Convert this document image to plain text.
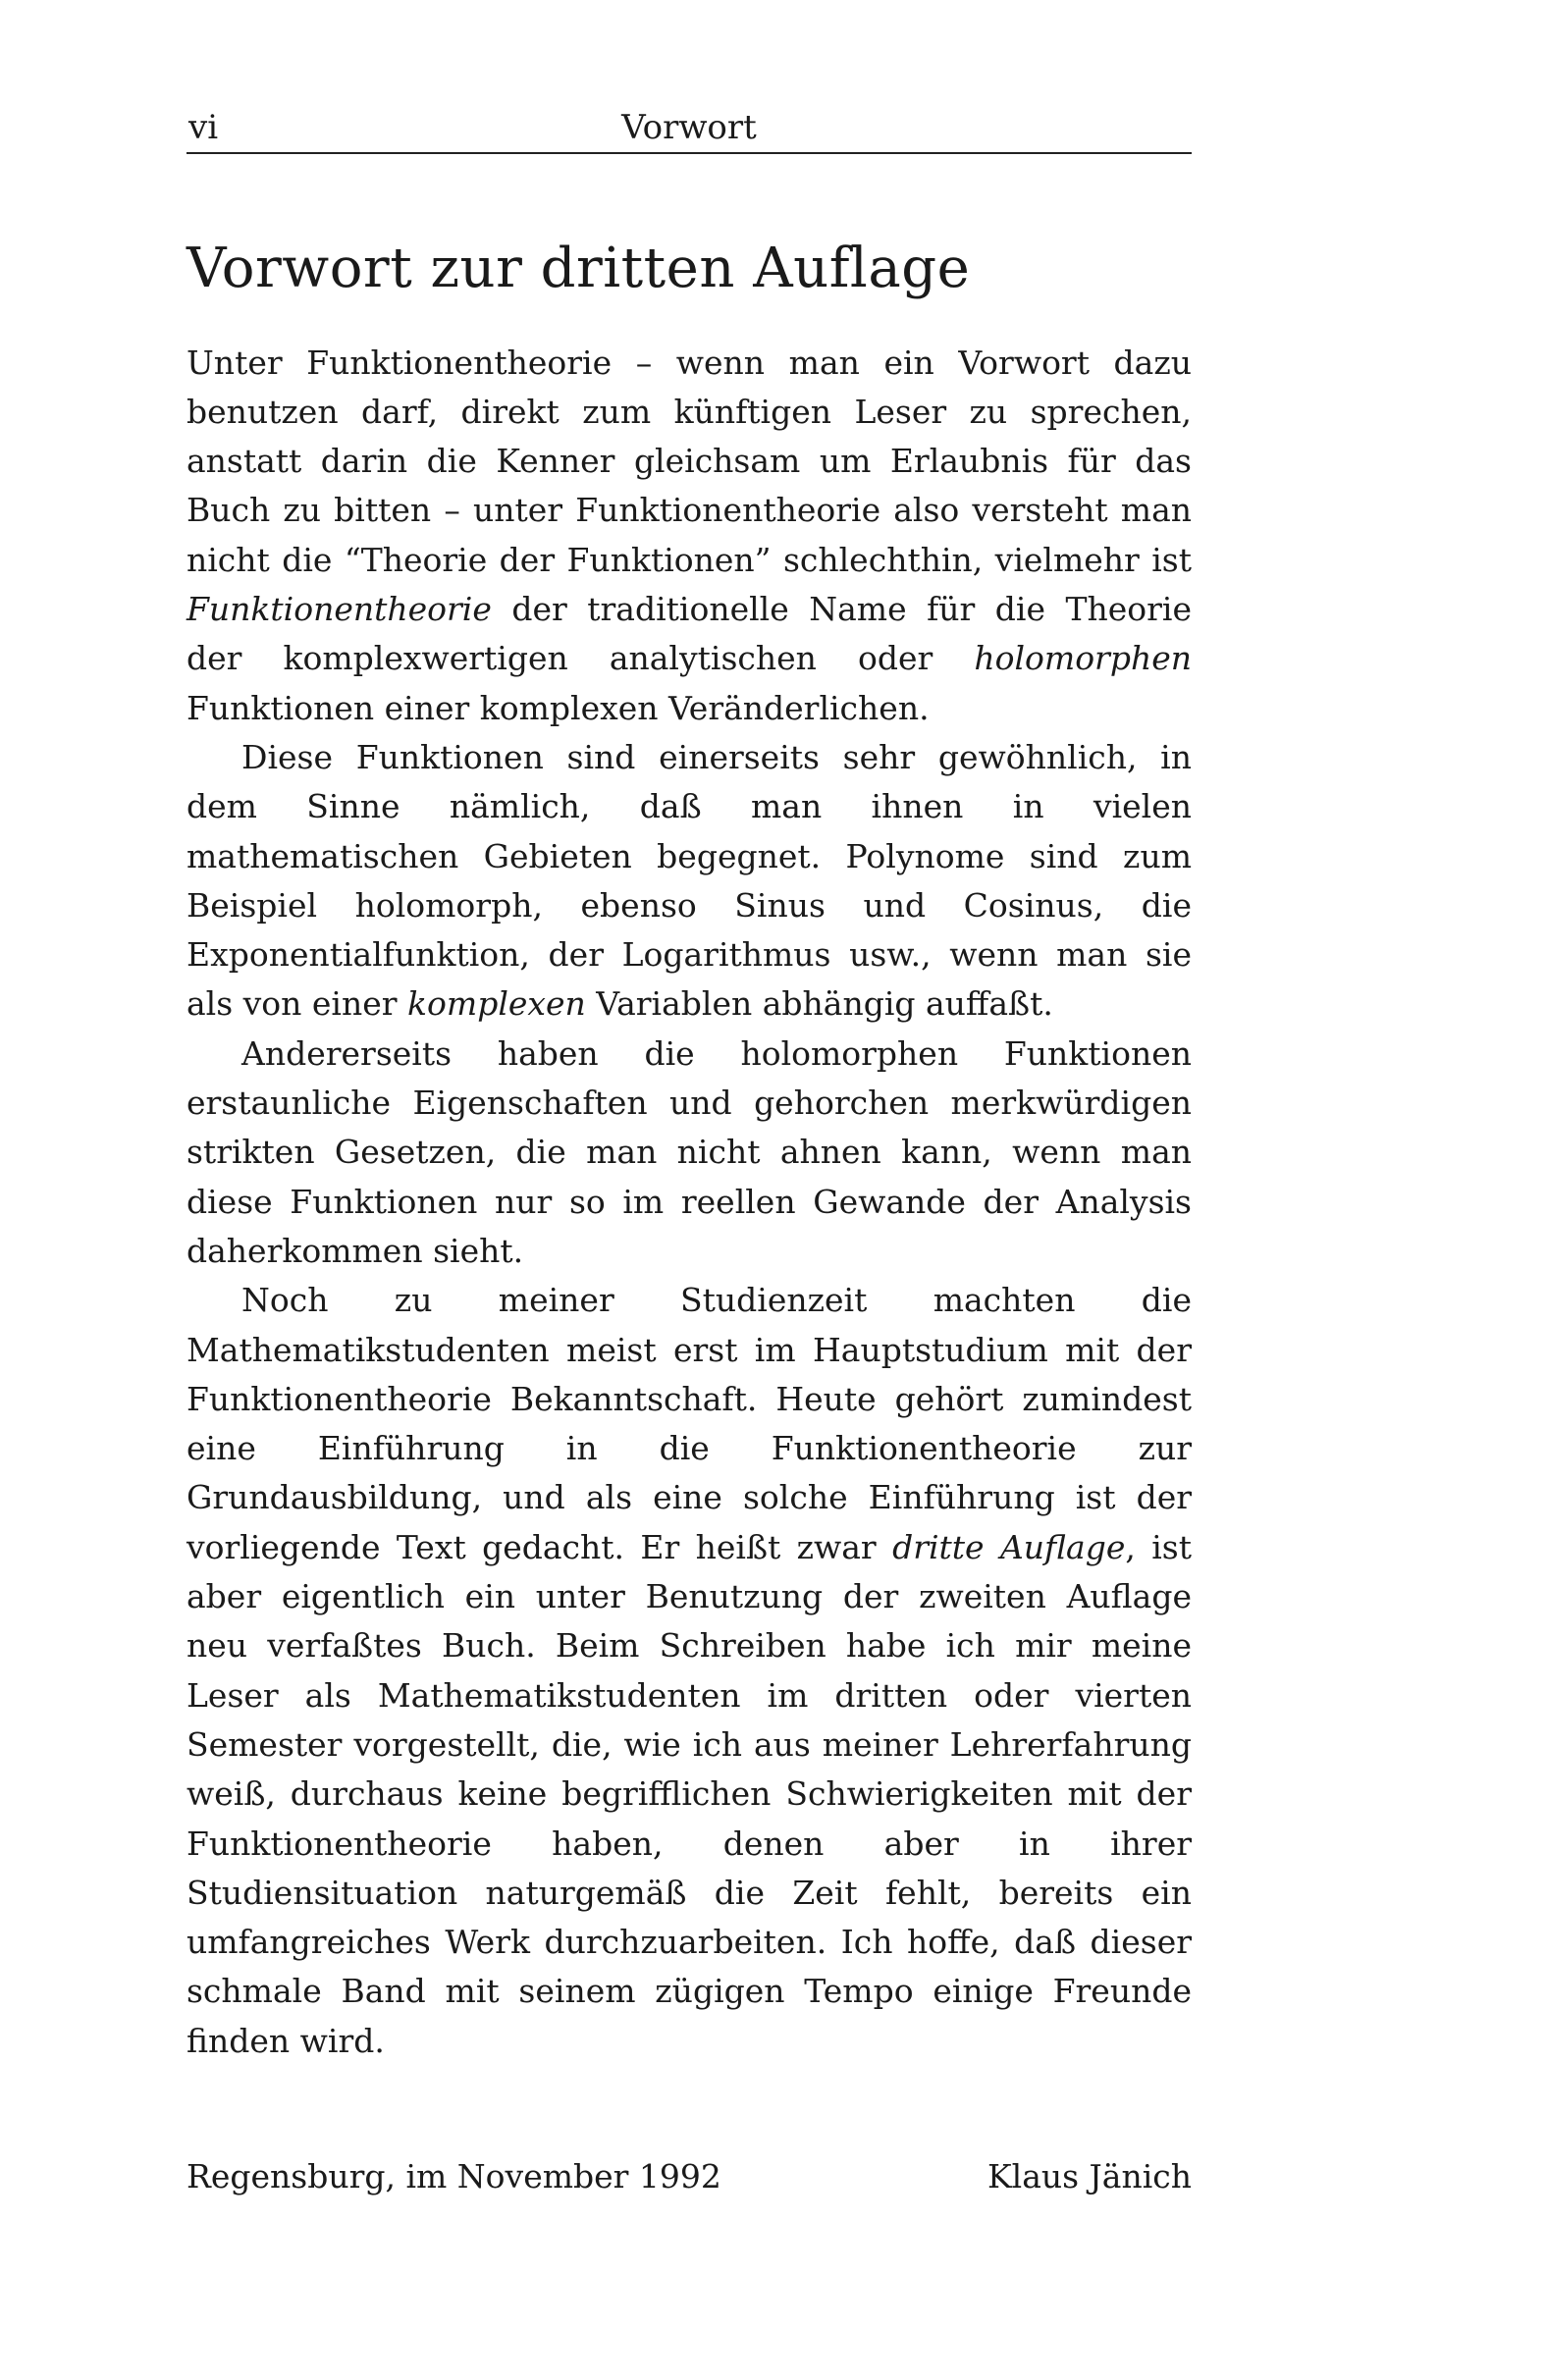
vi	Vorwort
Vorwort zur dritten Auflage

Unter Funktionentheorie – wenn man ein Vorwort dazu benutzen darf, direkt zum künftigen Leser zu sprechen, anstatt darin die Kenner gleichsam um Erlaubnis für das Buch zu bitten – unter Funktionentheorie also versteht man nicht die “Theorie der Funktionen” schlechthin, vielmehr ist Funktionentheorie der traditionelle Name für die Theorie der komplexwertigen analytischen oder holomorphen Funktionen einer komplexen Veränderlichen.

Diese Funktionen sind einerseits sehr gewöhnlich, in dem Sinne nämlich, daß man ihnen in vielen mathematischen Gebieten begegnet. Polynome sind zum Beispiel holomorph, ebenso Sinus und Cosinus, die Exponentialfunktion, der Logarithmus usw., wenn man sie als von einer komplexen Variablen abhängig auffaßt.

Andererseits haben die holomorphen Funktionen erstaunliche Eigenschaften und gehorchen merkwürdigen strikten Gesetzen, die man nicht ahnen kann, wenn man diese Funktionen nur so im reellen Gewande der Analysis daherkommen sieht.

Noch zu meiner Studienzeit machten die Mathematikstudenten meist erst im Hauptstudium mit der Funktionentheorie Bekanntschaft. Heute gehört zumindest eine Einführung in die Funktionentheorie zur Grundausbildung, und als eine solche Einführung ist der vorliegende Text gedacht. Er heißt zwar dritte Auflage, ist aber eigentlich ein unter Benutzung der zweiten Auflage neu verfaßtes Buch. Beim Schreiben habe ich mir meine Leser als Mathematikstudenten im dritten oder vierten Semester vorgestellt, die, wie ich aus meiner Lehrerfahrung weiß, durchaus keine begrifflichen Schwierigkeiten mit der Funktionentheorie haben, denen aber in ihrer Studiensituation naturgemäß die Zeit fehlt, bereits ein umfangreiches Werk durchzuarbeiten. Ich hoffe, daß dieser schmale Band mit seinem zügigen Tempo einige Freunde finden wird.

Regensburg, im November 1992	Klaus Jänich
